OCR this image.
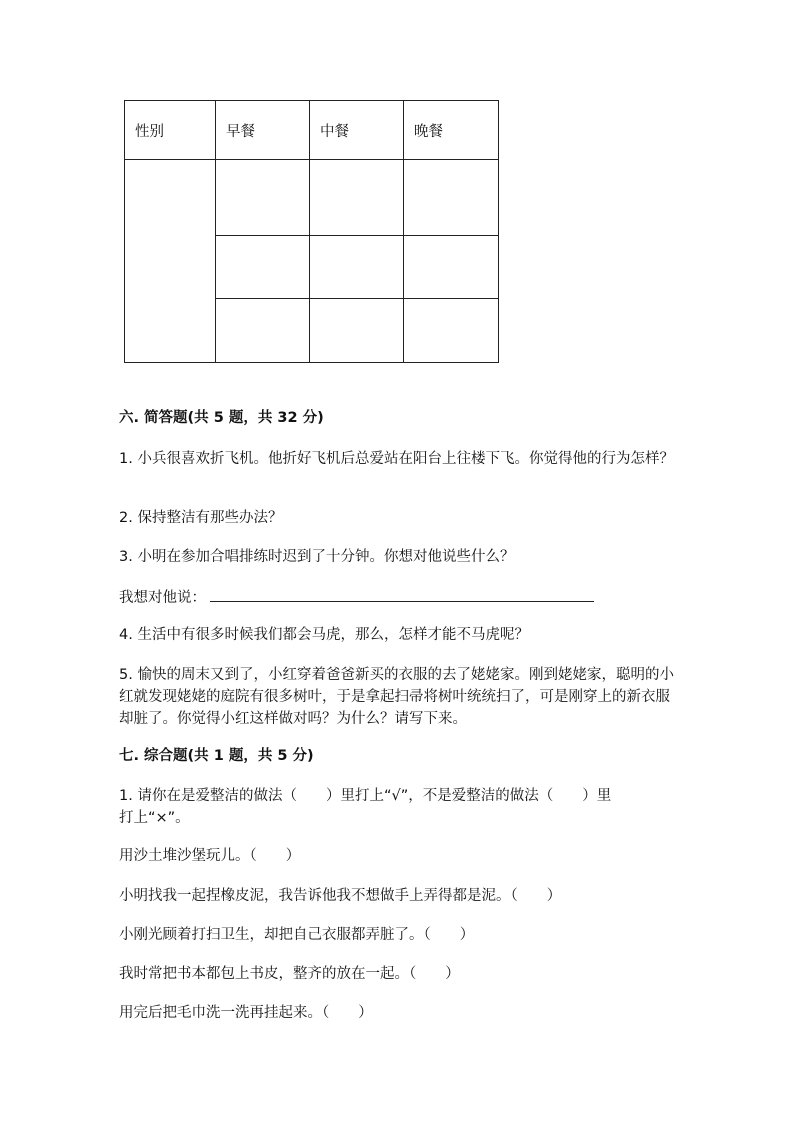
性别	早餐	中餐	晚餐

六. 简答题(共 5 题，共 32 分)
1. 小兵很喜欢折飞机。他折好飞机后总爱站在阳台上往楼下飞。你觉得他的行为怎样？
2. 保持整洁有那些办法？
3. 小明在参加合唱排练时迟到了十分钟。你想对他说些什么？
我想对他说：
4. 生活中有很多时候我们都会马虎，那么，怎样才能不马虎呢？
5. 愉快的周末又到了，小红穿着爸爸新买的衣服的去了姥姥家。刚到姥姥家，聪明的小红就发现姥姥的庭院有很多树叶，于是拿起扫帚将树叶统统扫了，可是刚穿上的新衣服却脏了。你觉得小红这样做对吗？为什么？请写下来。
七. 综合题(共 1 题，共 5 分)
1. 请你在是爱整洁的做法（　　）里打上“√”，不是爱整洁的做法（　　）里打上“×”。
用沙土堆沙堡玩儿。（　　）
小明找我一起捏橡皮泥，我告诉他我不想做手上弄得都是泥。（　　）
小刚光顾着打扫卫生，却把自己衣服都弄脏了。（　　）
我时常把书本都包上书皮，整齐的放在一起。（　　）
用完后把毛巾洗一洗再挂起来。（　　）
